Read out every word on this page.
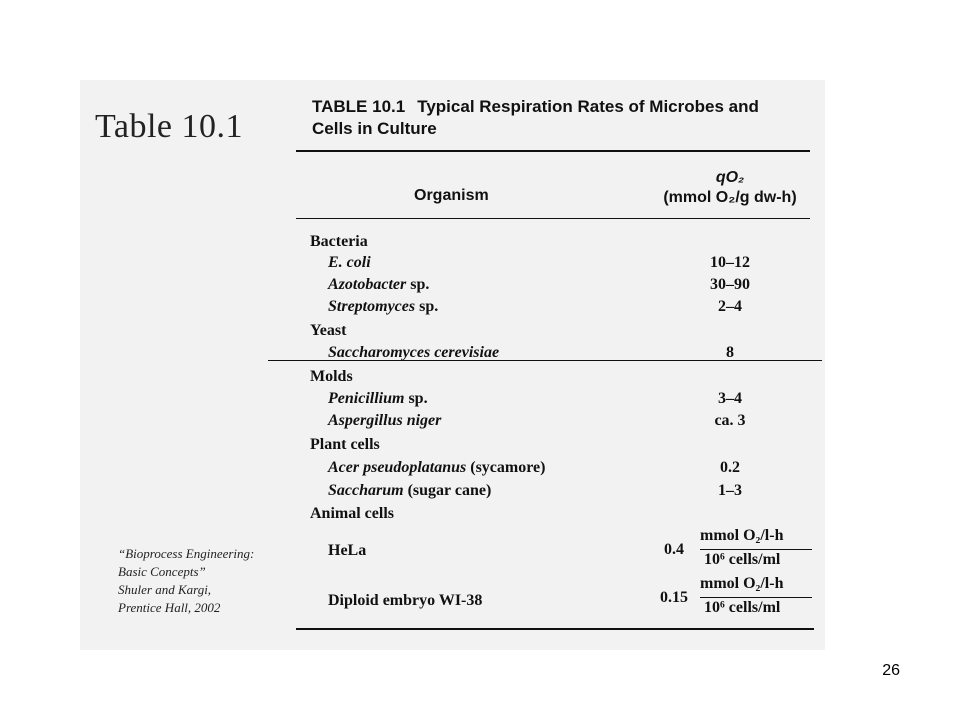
Table 10.1
TABLE 10.1 Typical Respiration Rates of Microbes and
Cells in Culture
Organism
qO₂
(mmol O₂/g dw-h)
Bacteria
E. coli	10–12
Azotobacter sp.	30–90
Streptomyces sp.	2–4
Yeast
Saccharomyces cerevisiae	8
Molds
Penicillium sp.	3–4
Aspergillus niger	ca. 3
Plant cells
Acer pseudoplatanus (sycamore)	0.2
Saccharum (sugar cane)	1–3
Animal cells
HeLa	0.4
mmol O₂/l-h
10⁶ cells/ml
Diploid embryo WI-38	0.15
mmol O₂/l-h
10⁶ cells/ml
“Bioprocess Engineering:
Basic Concepts”
Shuler and Kargi,
Prentice Hall, 2002
26
